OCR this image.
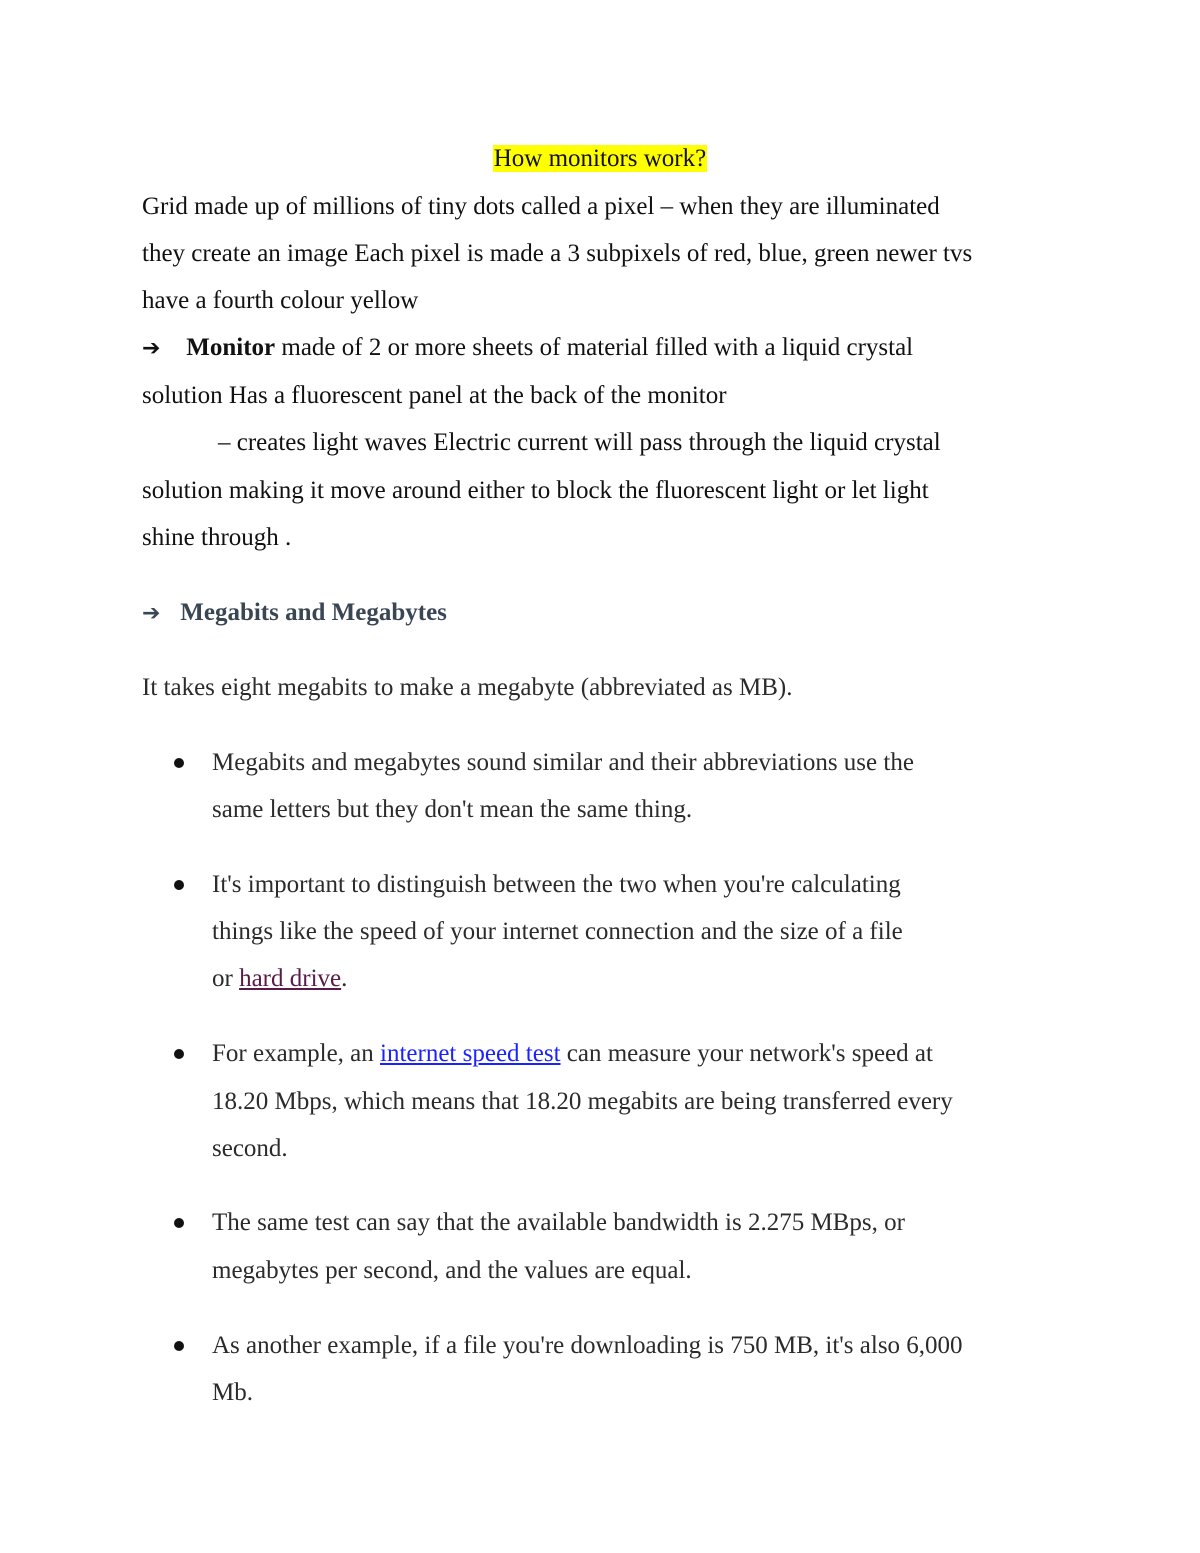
How monitors work?
Grid made up of millions of tiny dots called a pixel – when they are illuminated
they create an image Each pixel is made a 3 subpixels of red, blue, green newer tvs
have a fourth colour yellow
➔ Monitor made of 2 or more sheets of material filled with a liquid crystal
solution Has a fluorescent panel at the back of the monitor
– creates light waves Electric current will pass through the liquid crystal
solution making it move around either to block the fluorescent light or let light
shine through .
➔ Megabits and Megabytes
It takes eight megabits to make a megabyte (abbreviated as MB).
Megabits and megabytes sound similar and their abbreviations use the
same letters but they don't mean the same thing.
It's important to distinguish between the two when you're calculating
things like the speed of your internet connection and the size of a file
or hard drive.
For example, an internet speed test can measure your network's speed at
18.20 Mbps, which means that 18.20 megabits are being transferred every
second.
The same test can say that the available bandwidth is 2.275 MBps, or
megabytes per second, and the values are equal.
As another example, if a file you're downloading is 750 MB, it's also 6,000
Mb.
